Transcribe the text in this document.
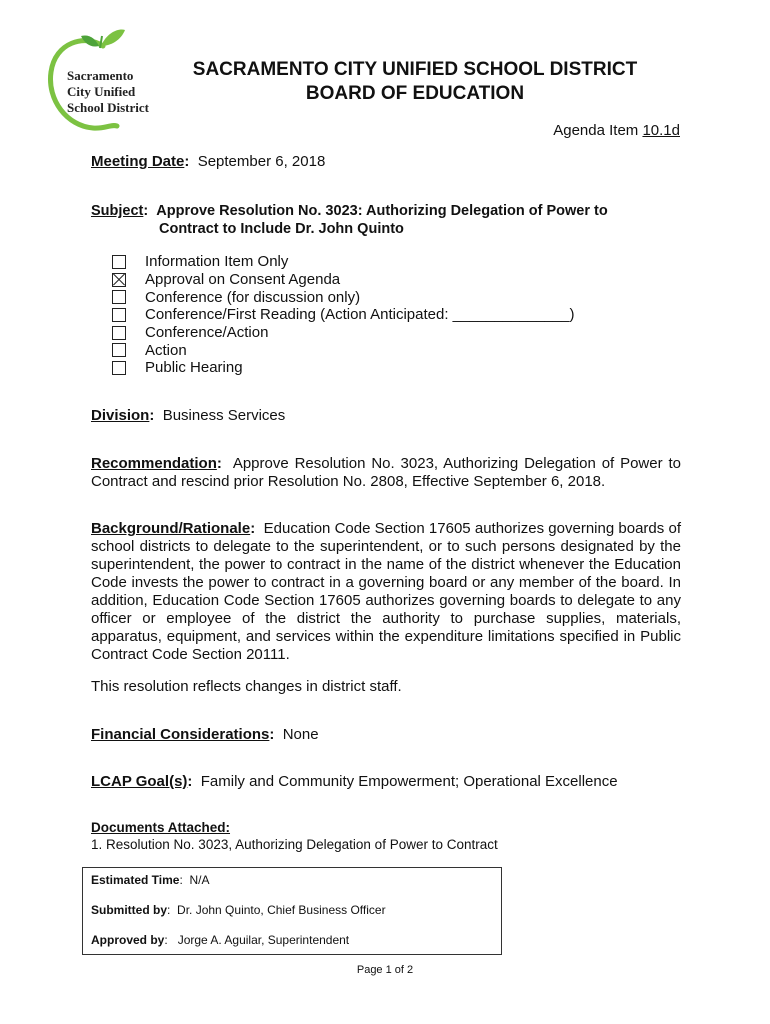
Sacramento
City Unified
School District
SACRAMENTO CITY UNIFIED SCHOOL DISTRICT
BOARD OF EDUCATION
Agenda Item 10.1d
Meeting Date: September 6, 2018
Subject:  Approve Resolution No. 3023: Authorizing Delegation of Power to
Contract to Include Dr. John Quinto
Information Item Only
Approval on Consent Agenda
Conference (for discussion only)
Conference/First Reading (Action Anticipated: ______________)
Conference/Action
Action
Public Hearing
Division: Business Services
Recommendation: Approve Resolution No. 3023, Authorizing Delegation of Power to Contract and rescind prior Resolution No. 2808, Effective September 6, 2018.
Background/Rationale: Education Code Section 17605 authorizes governing boards of school districts to delegate to the superintendent, or to such persons designated by the superintendent, the power to contract in the name of the district whenever the Education Code invests the power to contract in a governing board or any member of the board. In addition, Education Code Section 17605 authorizes governing boards to delegate to any officer or employee of the district the authority to purchase supplies, materials, apparatus, equipment, and services within the expenditure limitations specified in Public Contract Code Section 20111.
This resolution reflects changes in district staff.
Financial Considerations: None
LCAP Goal(s): Family and Community Empowerment; Operational Excellence
Documents Attached:
1. Resolution No. 3023, Authorizing Delegation of Power to Contract
Estimated Time:  N/A
Submitted by:  Dr. John Quinto, Chief Business Officer
Approved by:   Jorge A. Aguilar, Superintendent
Page 1 of 2
